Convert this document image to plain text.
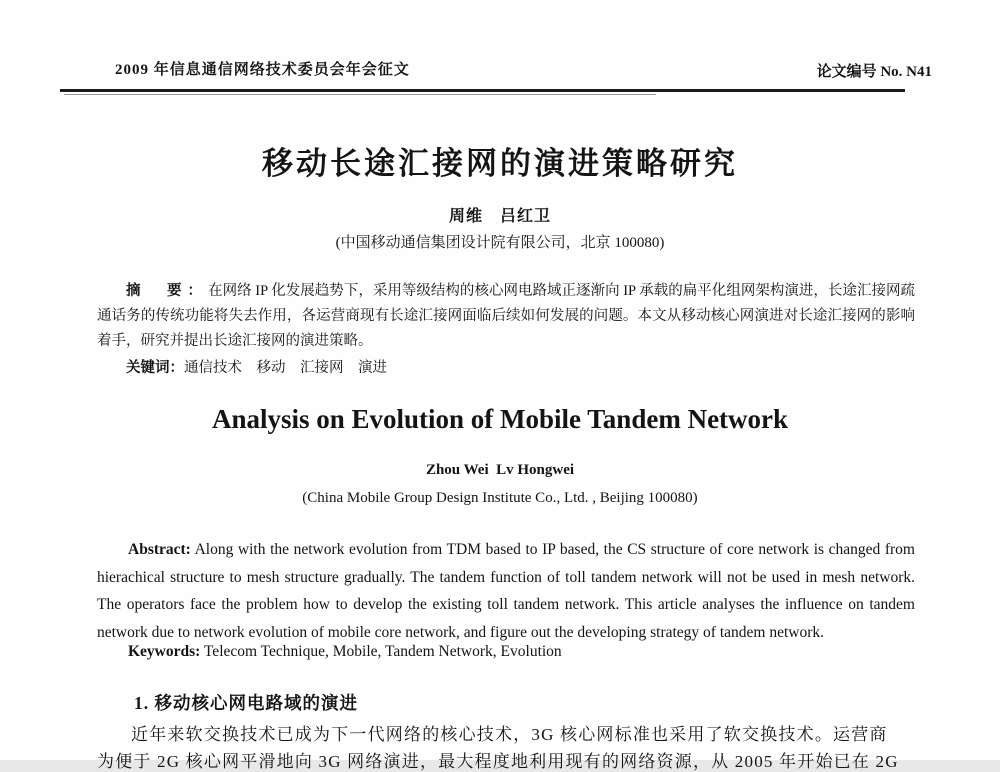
2009 年信息通信网络技术委员会年会征文	论文编号 No. N41
移动长途汇接网的演进策略研究
周维　吕红卫
(中国移动通信集团设计院有限公司，北京 100080)
摘　要：在网络 IP 化发展趋势下，采用等级结构的核心网电路域正逐渐向 IP 承载的扁平化组网架构演进，长途汇接网疏通话务的传统功能将失去作用，各运营商现有长途汇接网面临后续如何发展的问题。本文从移动核心网演进对长途汇接网的影响着手，研究并提出长途汇接网的演进策略。
关键词：通信技术　移动　汇接网　演进
Analysis on Evolution of Mobile Tandem Network
Zhou Wei  Lv Hongwei
(China Mobile Group Design Institute Co., Ltd. , Beijing 100080)
Abstract: Along with the network evolution from TDM based to IP based, the CS structure of core network is changed from hierachical structure to mesh structure gradually. The tandem function of toll tandem network will not be used in mesh network. The operators face the problem how to develop the existing toll tandem network. This article analyses the influence on tandem network due to network evolution of mobile core network, and figure out the developing strategy of tandem network.
Keywords: Telecom Technique, Mobile, Tandem Network, Evolution
1. 移动核心网电路域的演进
近年来软交换技术已成为下一代网络的核心技术，3G 核心网标准也采用了软交换技术。运营商
为便于 2G 核心网平滑地向 3G 网络演进，最大程度地利用现有的网络资源，从 2005 年开始已在 2G
